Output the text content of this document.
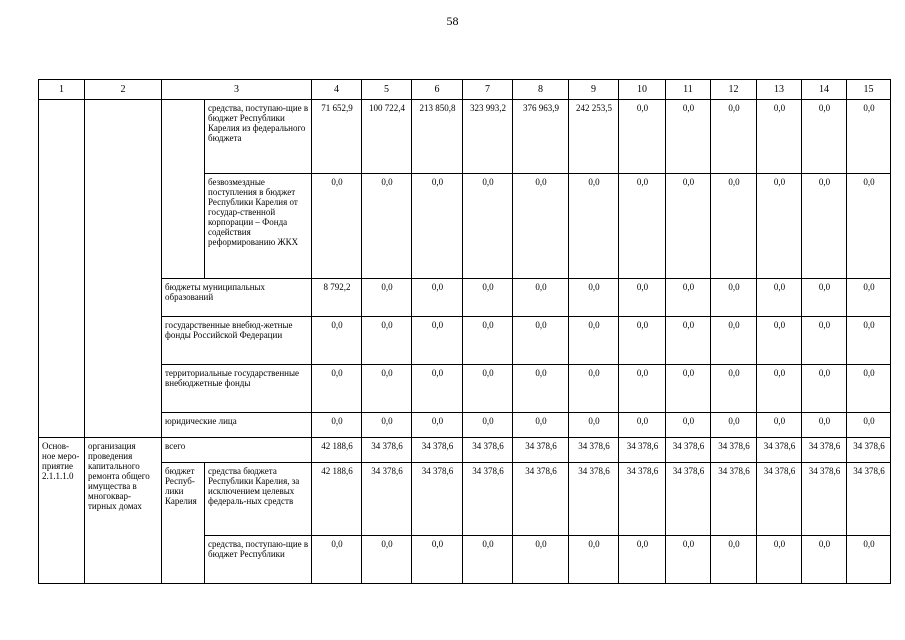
58
1	2	3		4	5	6	7	8	9	10	11	12	13	14	15
			средства, поступаю-щие в бюджет Республики Карелия из федерального бюджета	71 652,9	100 722,4	213 850,8	323 993,2	376 963,9	242 253,5	0,0	0,0	0,0	0,0	0,0	0,0
			безвозмездные поступления в бюджет Республики Карелия от государ-ственной корпорации – Фонда содействия реформированию ЖКХ	0,0	0,0	0,0	0,0	0,0	0,0	0,0	0,0	0,0	0,0	0,0	0,0
		бюджеты муниципальных образований		8 792,2	0,0	0,0	0,0	0,0	0,0	0,0	0,0	0,0	0,0	0,0	0,0
		государственные внебюд-жетные фонды Российской Федерации		0,0	0,0	0,0	0,0	0,0	0,0	0,0	0,0	0,0	0,0	0,0	0,0
		территориальные государственные внебюджетные фонды		0,0	0,0	0,0	0,0	0,0	0,0	0,0	0,0	0,0	0,0	0,0	0,0
		юридические лица		0,0	0,0	0,0	0,0	0,0	0,0	0,0	0,0	0,0	0,0	0,0	0,0
Основ-ное меро-приятие 2.1.1.1.0	организация проведения капитального ремонта общего имущества в многоквар-тирных домах	всего		42 188,6	34 378,6	34 378,6	34 378,6	34 378,6	34 378,6	34 378,6	34 378,6	34 378,6	34 378,6	34 378,6	34 378,6
		бюджет Респуб-лики Карелия	средства бюджета Республики Карелия, за исключением целевых федераль-ных средств	42 188,6	34 378,6	34 378,6	34 378,6	34 378,6	34 378,6	34 378,6	34 378,6	34 378,6	34 378,6	34 378,6	34 378,6
			средства, поступаю-щие в бюджет Республики	0,0	0,0	0,0	0,0	0,0	0,0	0,0	0,0	0,0	0,0	0,0	0,0
